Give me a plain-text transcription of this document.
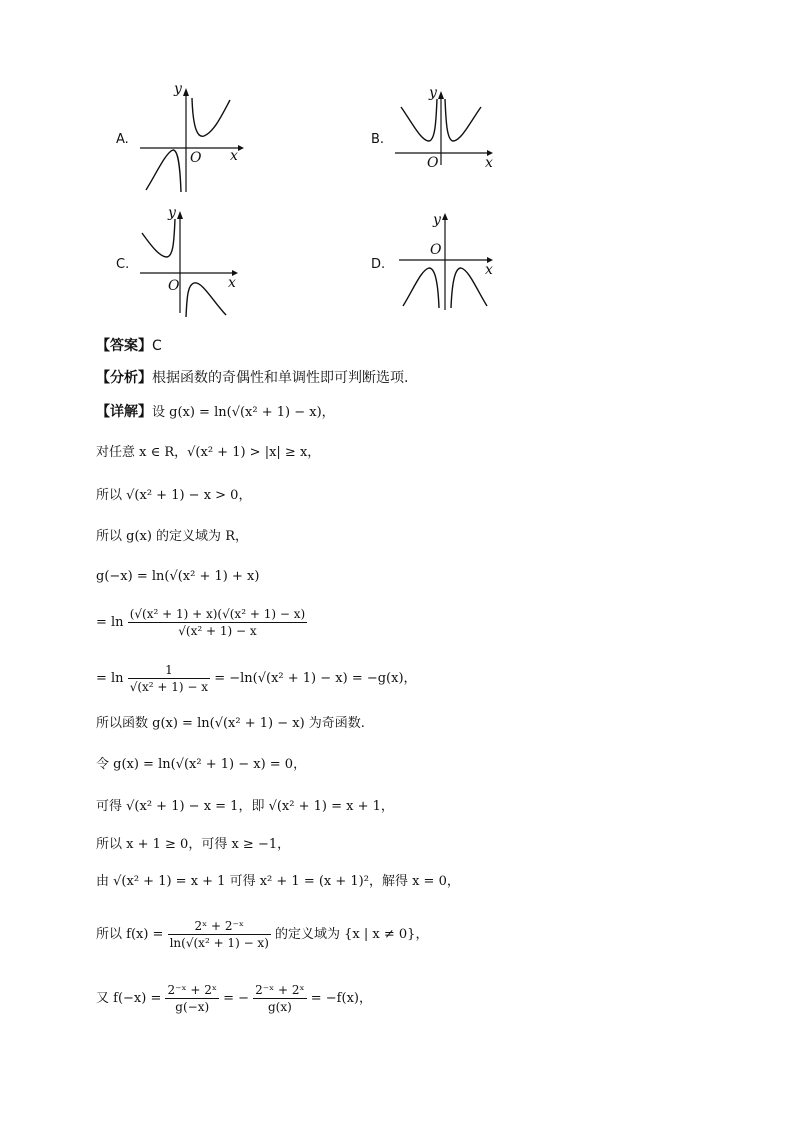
A.
y
x
O
B.
y
x
O
C.
y
x
O
D.
y
x
O
【答案】C
【分析】根据函数的奇偶性和单调性即可判断选项.
【详解】设 g(x) = ln(√(x² + 1) − x)，
对任意 x ∈ R，√(x² + 1) > |x| ≥ x，
所以 √(x² + 1) − x > 0，
所以 g(x) 的定义域为 R，
g(−x) = ln(√(x² + 1) + x)
= $\ln \frac{\text{(√(x² + 1) + x)(√(x² + 1) − x)}}{\text{√(x² + 1) − x}}$
= $\ln \frac{1}{\text{√(x² + 1) − x}} = -\ln(√(x^2 + 1) - x) = -g(x)$，
所以函数 g(x) = ln(√(x² + 1) − x) 为奇函数.
令 g(x) = ln(√(x² + 1) − x) = 0，
可得 √(x² + 1) − x = 1，即 √(x² + 1) = x + 1，
所以 x + 1 ≥ 0，可得 x ≥ −1，
由 √(x² + 1) = x + 1 可得 x² + 1 = (x + 1)²，解得 x = 0，
所以 $f(x) = \frac{\text{2ˣ + 2⁻ˣ}}{\text{ln(√(x² + 1) − x)}}$ 的定义域为 {x | x ≠ 0}，
又 $f(-x) = \frac{\text{2⁻ˣ + 2ˣ}}{g(-x)}$ = − $\frac{\text{2⁻ˣ + 2ˣ}}{g(x)} = -f(x)$，
